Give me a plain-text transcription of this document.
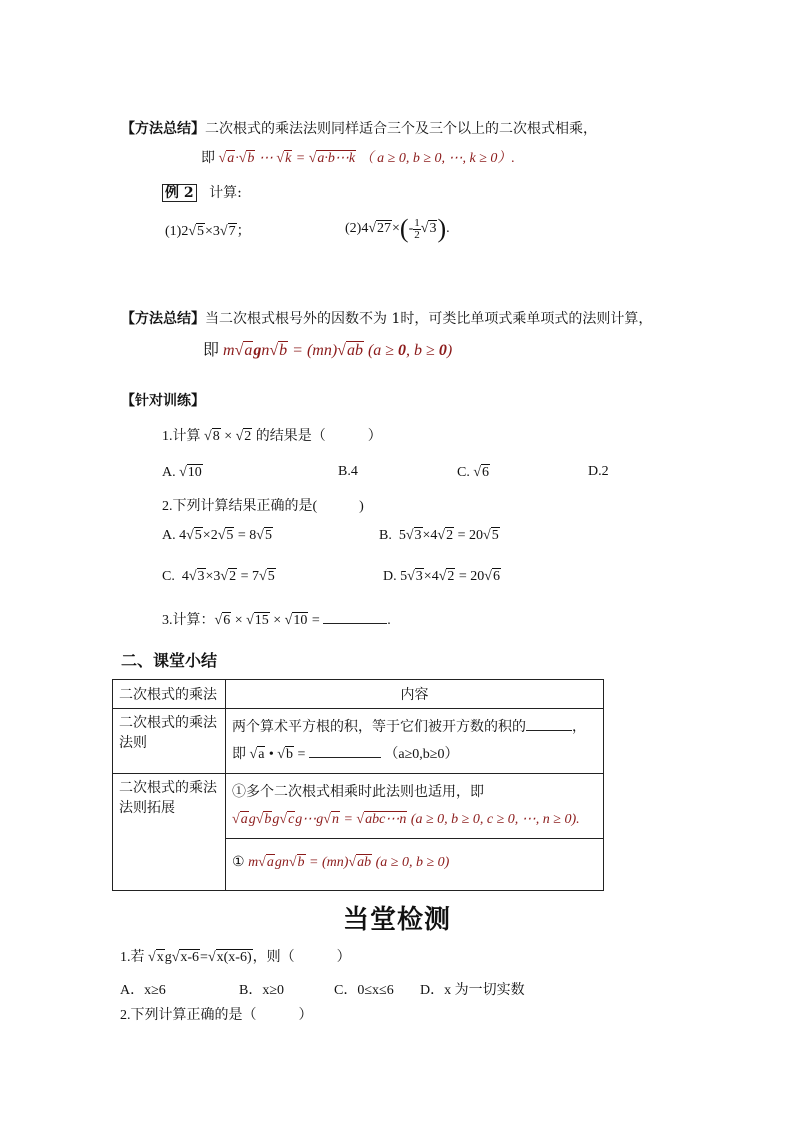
【方法总结】二次根式的乘法法则同样适合三个及三个以上的二次根式相乘，
即 √a·√b ⋯ √k = √a·b⋯k （ a ≥ 0, b ≥ 0, ⋯, k ≥ 0）.
例 2 计算:
(1)2√5×3√7；	$(2)4√27\times(- \frac{1}{2} √3)$.
【方法总结】当二次根式根号外的因数不为 1时，可类比单项式乘单项式的法则计算，
即 m√agn√b = (mn)√ab (a ≥ 0, b ≥ 0)
【针对训练】
1.计算 √8 × √2 的结果是（　　　）
A. √10	B.4	C. √6	D.2
2.下列计算结果正确的是(　　　)
A. 4√5×2√5 = 8√5	B.  5√3×4√2 = 20√5
C.  4√3×3√2 = 7√5	D. 5√3×4√2 = 20√6
3.计算：√6 × √15 × √10 =	.
二、课堂小结
二次根式的乘法	内容
二次根式的乘法法则	两个算术平方根的积，等于它们被开方数的积的 ，
即 √a • √b = （a≥0,b≥0）

二次根式的乘法法则拓展	①多个二次根式相乘时此法则也适用，即
√ag√bg√cg⋯g√n = √abc⋯n (a ≥ 0, b ≥ 0, c ≥ 0, ⋯, n ≥ 0).

	① m√agn√b = (mn)√ab (a ≥ 0, b ≥ 0)
当堂检测
1.若 √xg√x-6=√x(x-6)，则（　　　）
A．x≥6	B．x≥0	C．0≤x≤6 D．x 为一切实数
2.下列计算正确的是（　　　）
